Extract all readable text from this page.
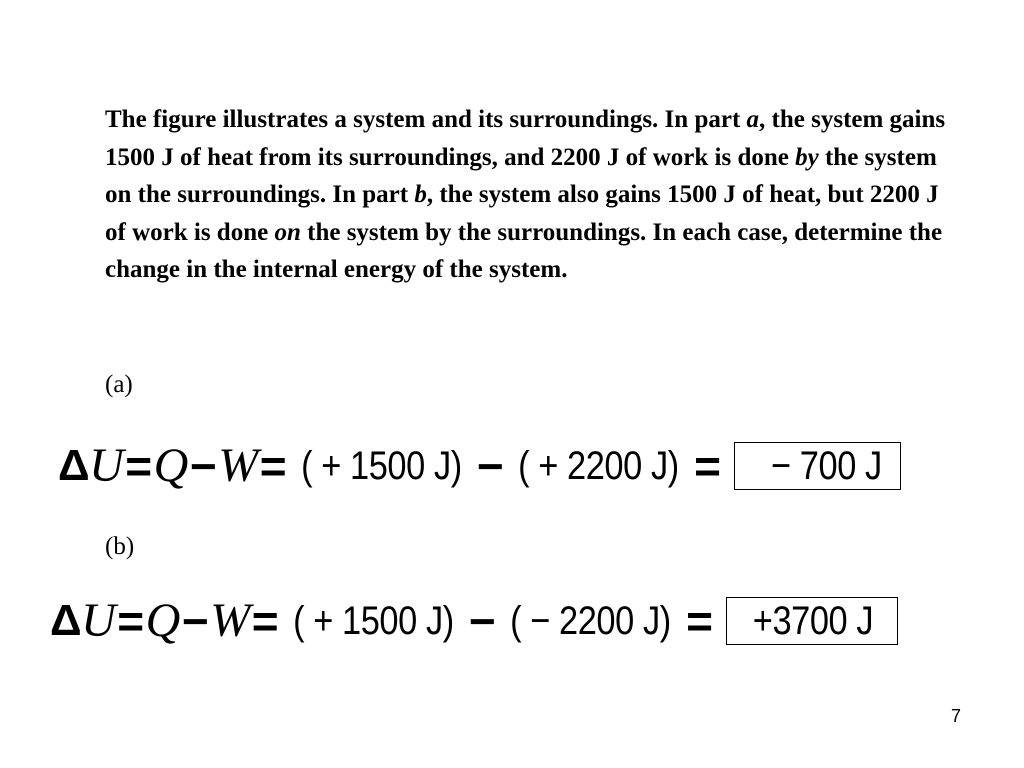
The figure illustrates a system and its surroundings. In part a, the system gains 1500 J of heat from its surroundings, and 2200 J of work is done by the system on the surroundings. In part b, the system also gains 1500 J of heat, but 2200 J of work is done on the system by the surroundings. In each case, determine the change in the internal energy of the system.

(a)
Δ U = Q − W = ( + 1500 J) − ( + 2200 J) = − 700 J
(b)
Δ U = Q − W = ( + 1500 J) − ( − 2200 J) = +3700 J
7
